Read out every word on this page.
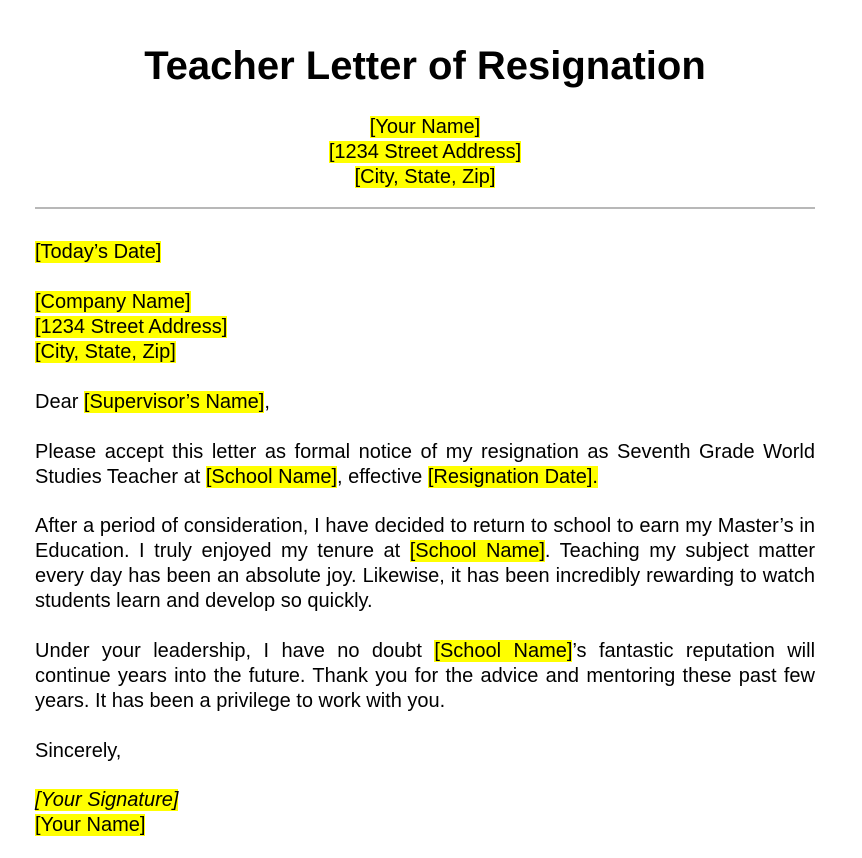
Teacher Letter of Resignation
[Your Name]
[1234 Street Address]
[City, State, Zip]
[Today’s Date]
[Company Name]
[1234 Street Address]
[City, State, Zip]
Dear [Supervisor’s Name],
Please accept this letter as formal notice of my resignation as Seventh Grade World Studies Teacher at [School Name], effective [Resignation Date].
After a period of consideration, I have decided to return to school to earn my Master’s in Education. I truly enjoyed my tenure at [School Name]. Teaching my subject matter every day has been an absolute joy. Likewise, it has been incredibly rewarding to watch students learn and develop so quickly.
Under your leadership, I have no doubt [School Name]’s fantastic reputation will continue years into the future. Thank you for the advice and mentoring these past few years. It has been a privilege to work with you.
Sincerely,
[Your Signature]
[Your Name]
